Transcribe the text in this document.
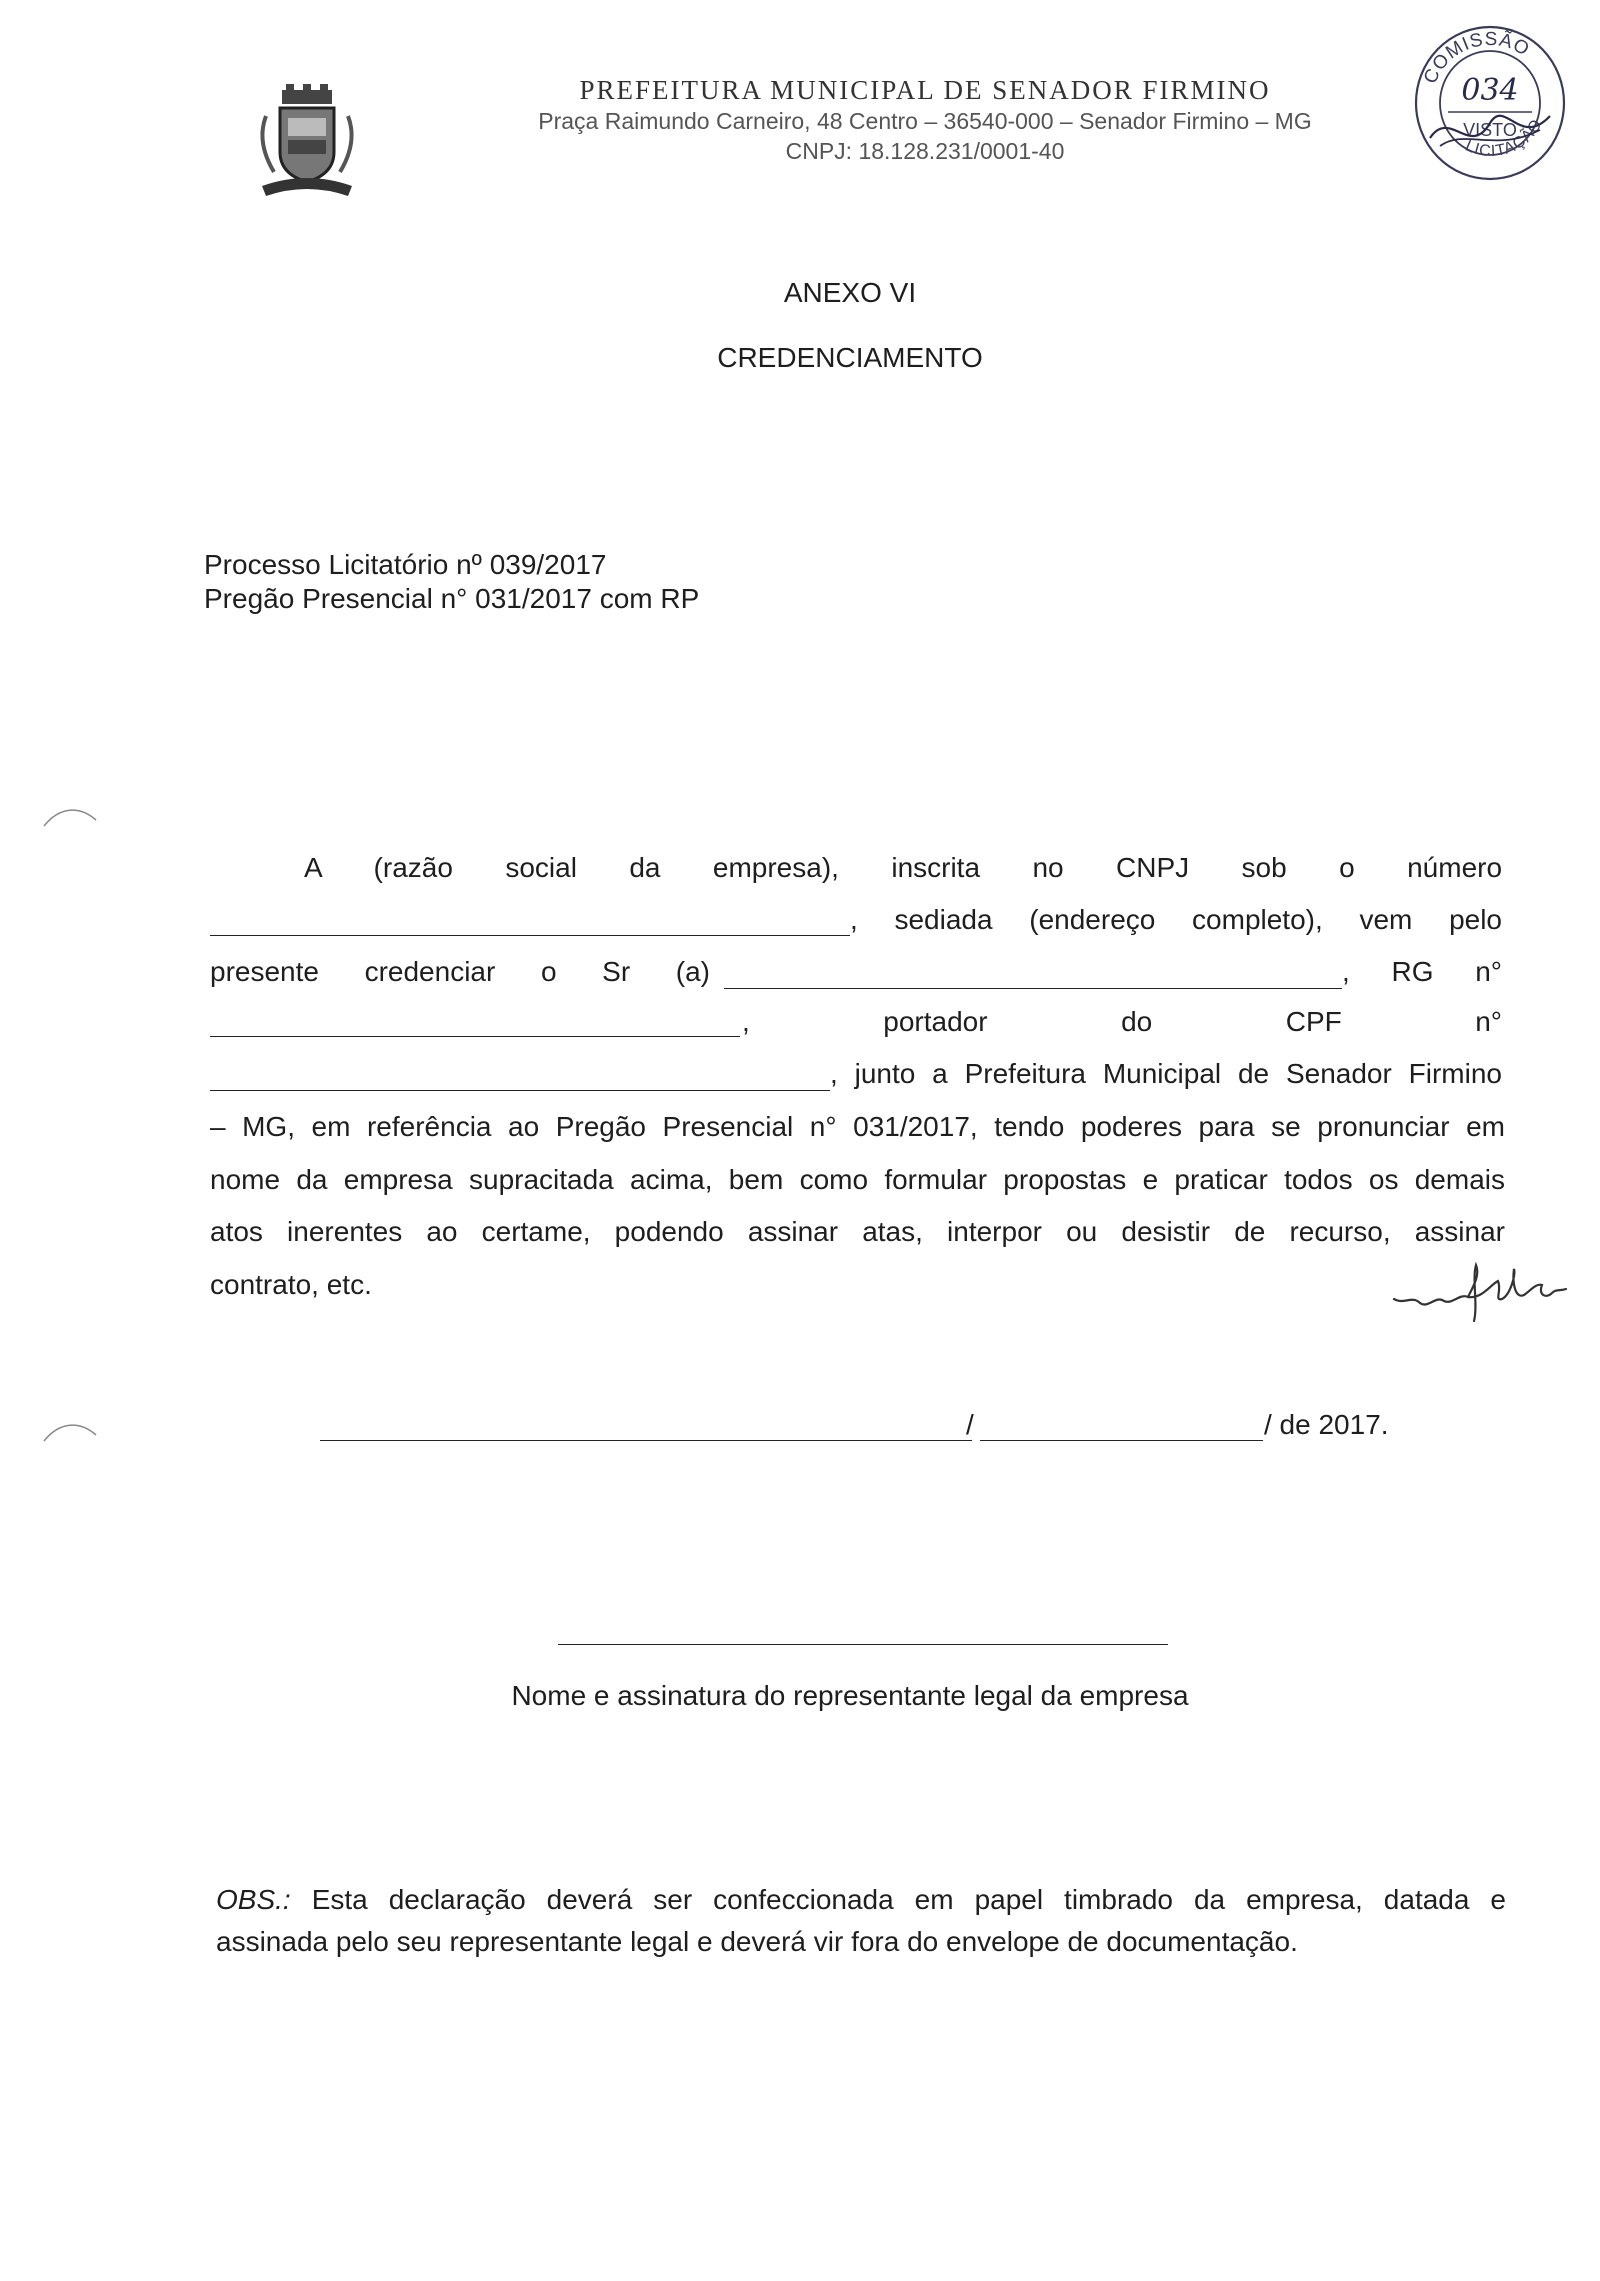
PREFEITURA MUNICIPAL DE SENADOR FIRMINO
Praça Raimundo Carneiro, 48 Centro – 36540-000 – Senador Firmino – MG
CNPJ: 18.128.231/0001-40
COMISSÃO
LICITAÇÃO
034
VISTO
ANEXO VI
CREDENCIAMENTO
Processo Licitatório nº 039/2017
Pregão Presencial n° 031/2017 com RP
A (razão social da empresa), inscrita no CNPJ sob o número
, sediada (endereço completo), vem pelo
presente credenciar o Sr (a)	, RG n°
,	portador	do	CPF	n°
, junto a Prefeitura Municipal de Senador Firmino
– MG, em referência ao Pregão Presencial n° 031/2017, tendo poderes para se pronunciar em
nome da empresa supracitada acima, bem como formular propostas e praticar todos os demais
atos inerentes ao certame, podendo assinar atas, interpor ou desistir de recurso, assinar
contrato, etc.
/	/ de 2017.
Nome e assinatura do representante legal da empresa
OBS.: Esta declaração deverá ser confeccionada em papel timbrado da empresa, datada e
assinada pelo seu representante legal e deverá vir fora do envelope de documentação.
